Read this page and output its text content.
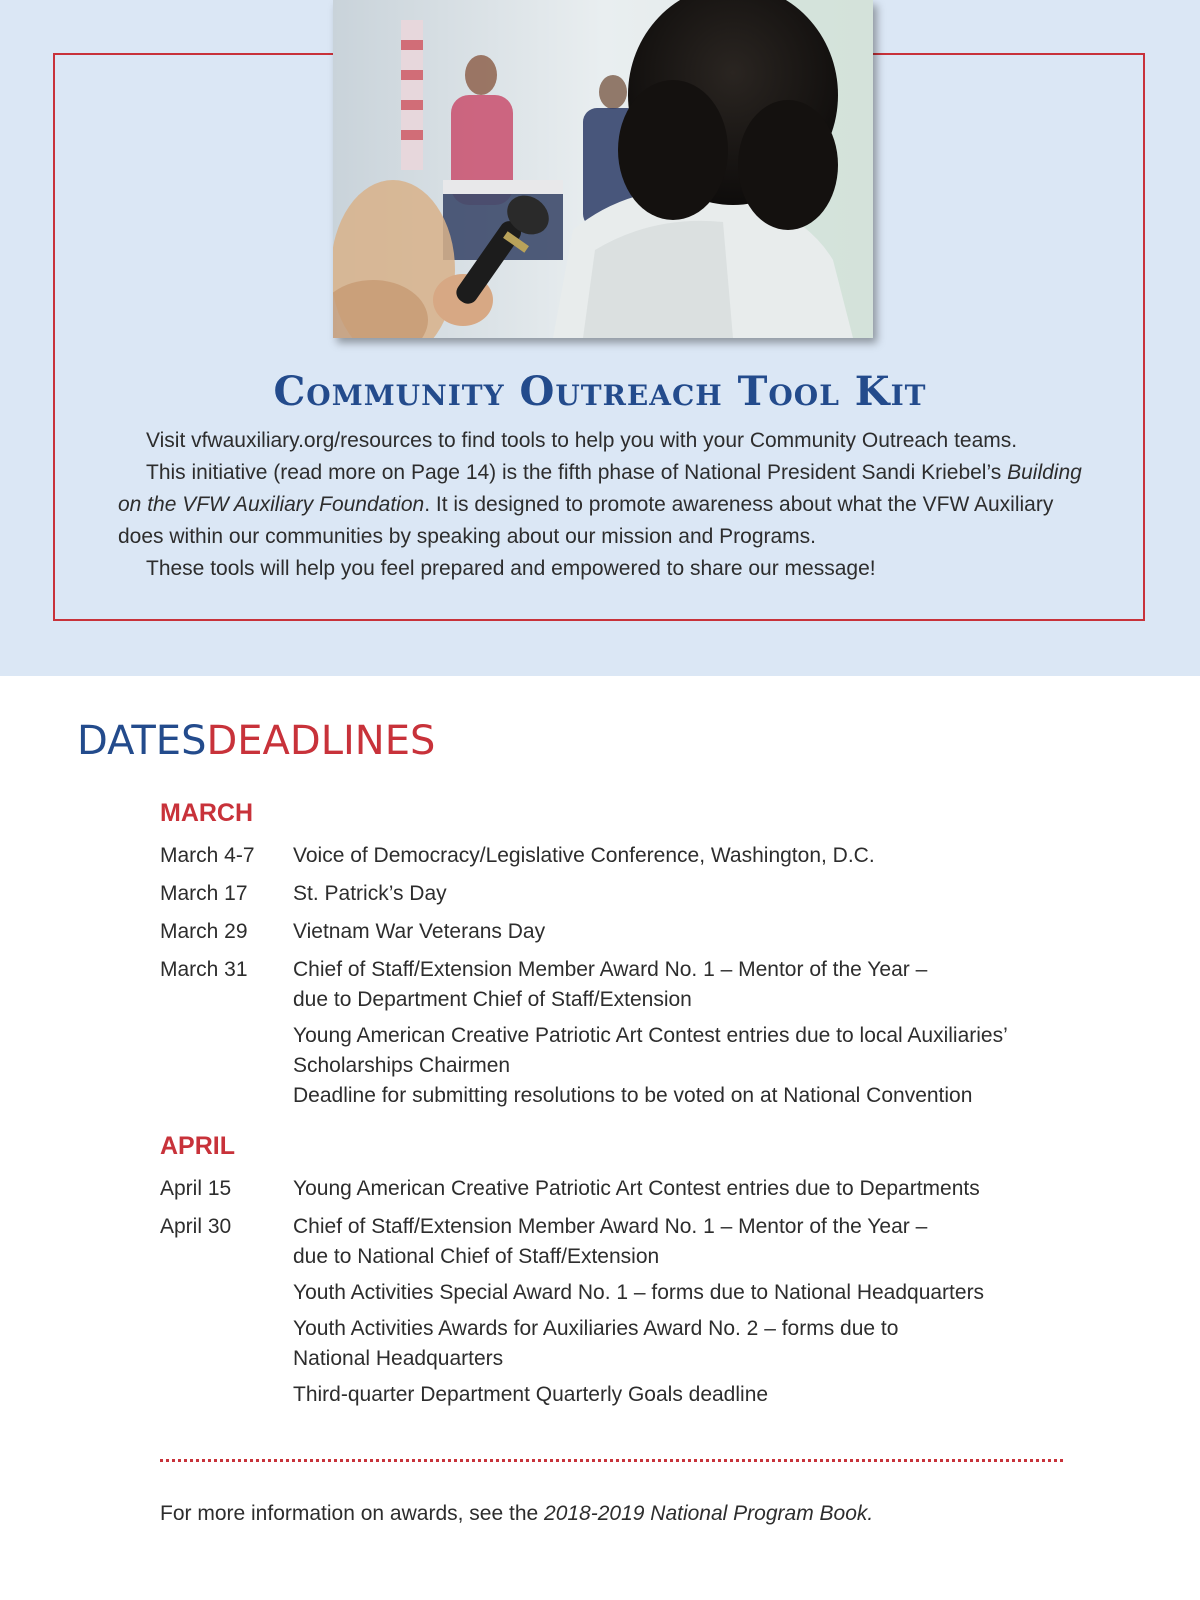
Community Outreach Tool Kit

Visit vfwauxiliary.org/resources to find tools to help you with your Community Outreach teams.

This initiative (read more on Page 14) is the fifth phase of National President Sandi Kriebel’s Building on the VFW Auxiliary Foundation. It is designed to promote awareness about what the VFW Auxiliary does within our communities by speaking about our mission and Programs.

These tools will help you feel prepared and empowered to share our message!

DATESDEADLINES
MARCH
March 4-7	Voice of Democracy/Legislative Conference, Washington, D.C.
March 17	St. Patrick’s Day
March 29	Vietnam War Veterans Day
March 31	Chief of Staff/Extension Member Award No. 1 – Mentor of the Year –
due to Department Chief of Staff/Extension
Young American Creative Patriotic Art Contest entries due to local Auxiliaries’
Scholarships Chairmen
Deadline for submitting resolutions to be voted on at National Convention
APRIL
April 15	Young American Creative Patriotic Art Contest entries due to Departments
April 30	Chief of Staff/Extension Member Award No. 1 – Mentor of the Year –
due to National Chief of Staff/Extension
Youth Activities Special Award No. 1 – forms due to National Headquarters
Youth Activities Awards for Auxiliaries Award No. 2 – forms due to
National Headquarters
Third-quarter Department Quarterly Goals deadline
For more information on awards, see the 2018-2019 National Program Book.
